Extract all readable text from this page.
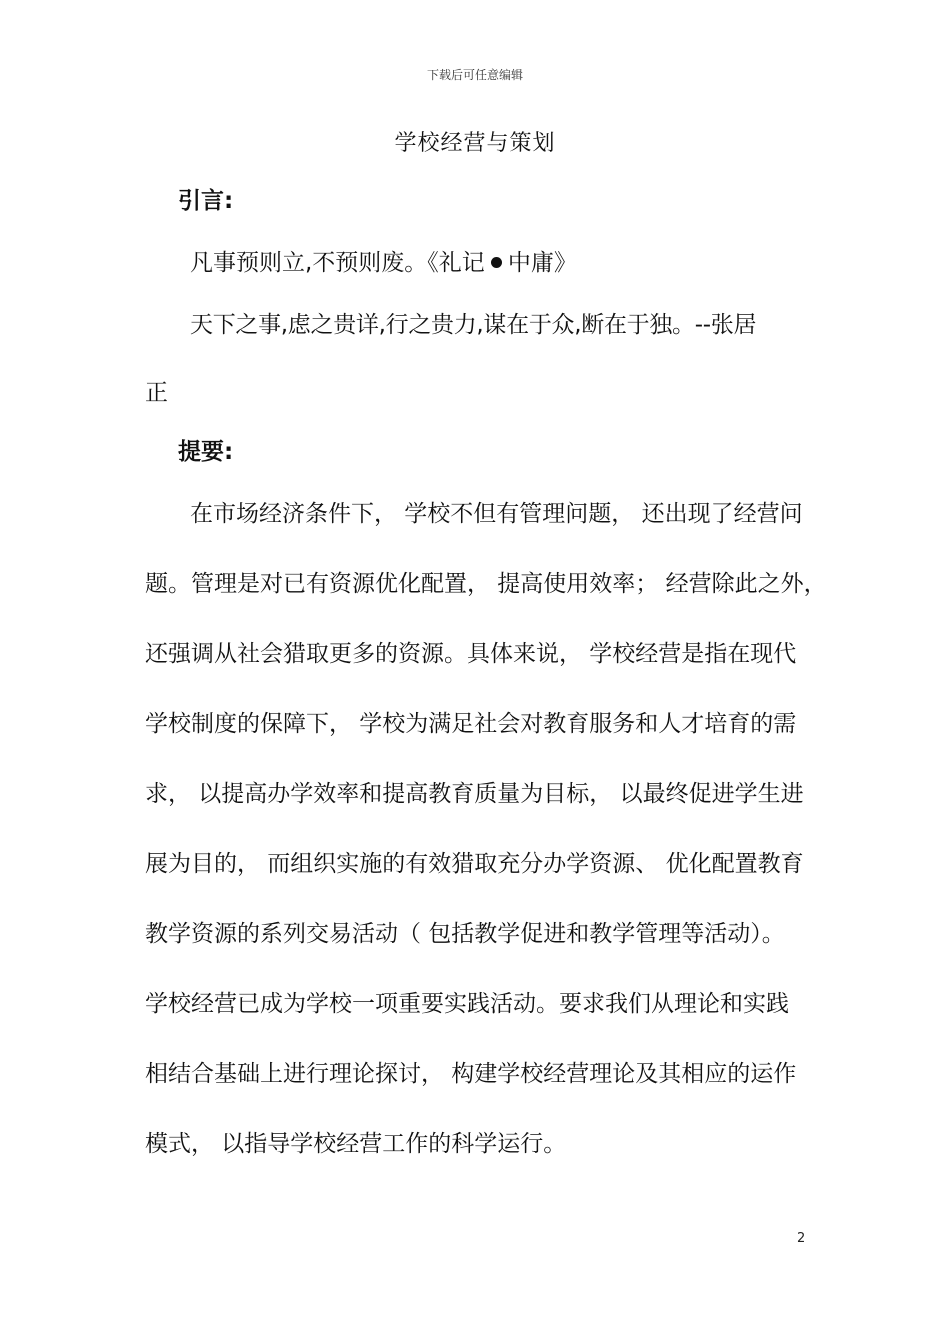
下载后可任意编辑
学校经营与策划
引言:
凡事预则立,不预则废。《礼记 中庸》
天下之事,虑之贵详,行之贵力,谋在于众,断在于独。--张居
正
提要:
在市场经济条件下， 学校不但有管理问题， 还出现了经营问
题。管理是对已有资源优化配置， 提高使用效率； 经营除此之外，
还强调从社会猎取更多的资源。具体来说， 学校经营是指在现代
学校制度的保障下， 学校为满足社会对教育服务和人才培育的需
求， 以提高办学效率和提高教育质量为目标， 以最终促进学生进
展为目的， 而组织实施的有效猎取充分办学资源、 优化配置教育
教学资源的系列交易活动（ 包括教学促进和教学管理等活动）。
学校经营已成为学校一项重要实践活动。要求我们从理论和实践
相结合基础上进行理论探讨， 构建学校经营理论及其相应的运作
模式， 以指导学校经营工作的科学运行。
2
